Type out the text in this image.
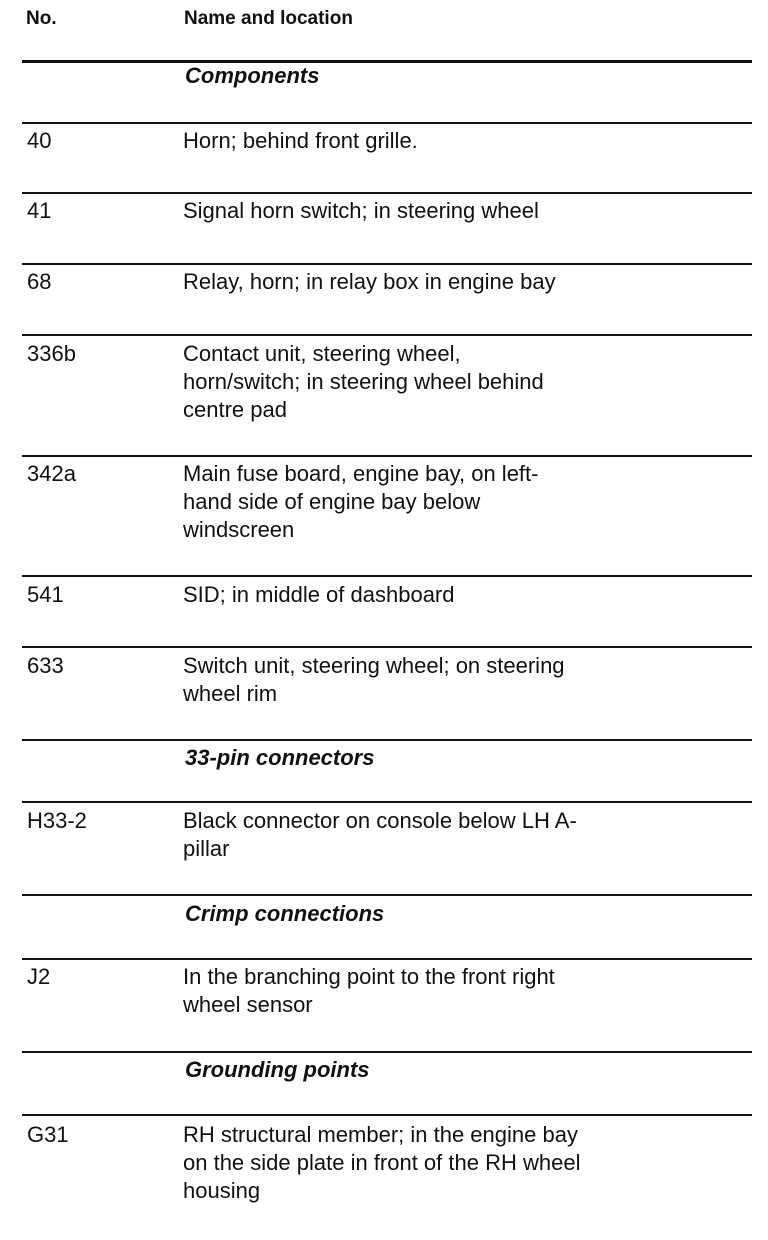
No.	Name and location
Components
40	Horn; behind front grille.
41	Signal horn switch; in steering wheel
68	Relay, horn; in relay box in engine bay
336b	Contact unit, steering wheel,
horn/switch; in steering wheel behind
centre pad
342a	Main fuse board, engine bay, on left-
hand side of engine bay below
windscreen
541	SID; in middle of dashboard
633	Switch unit, steering wheel; on steering
wheel rim
33-pin connectors
H33-2	Black connector on console below LH A-
pillar
Crimp connections
J2	In the branching point to the front right
wheel sensor
Grounding points
G31	RH structural member; in the engine bay
on the side plate in front of the RH wheel
housing
